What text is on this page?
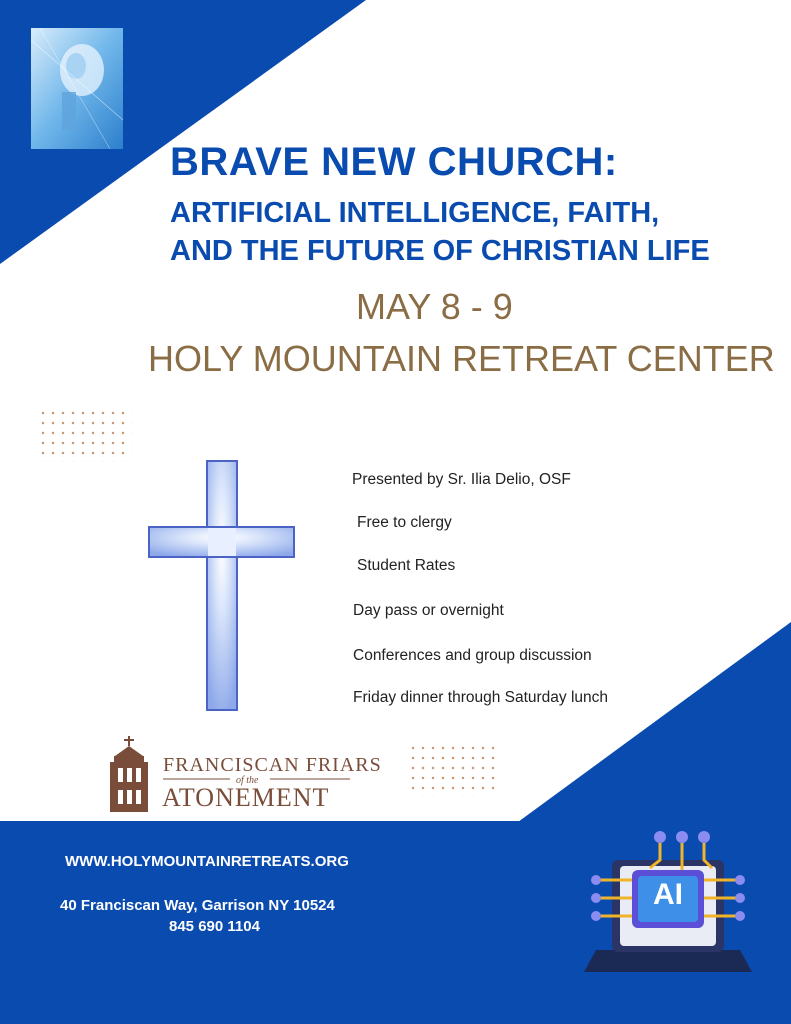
BRAVE NEW CHURCH:
ARTIFICIAL INTELLIGENCE, FAITH,
AND THE FUTURE OF CHRISTIAN LIFE
MAY 8 - 9
HOLY MOUNTAIN RETREAT CENTER
Presented by Sr. Ilia Delio, OSF
Free to clergy
Student Rates
Day pass or overnight
Conferences and group discussion
Friday dinner through Saturday lunch
FRANCISCAN FRIARS
of the
ATONEMENT
WWW.HOLYMOUNTAINRETREATS.ORG
40 Franciscan Way, Garrison NY 10524
845 690 1104
AI
